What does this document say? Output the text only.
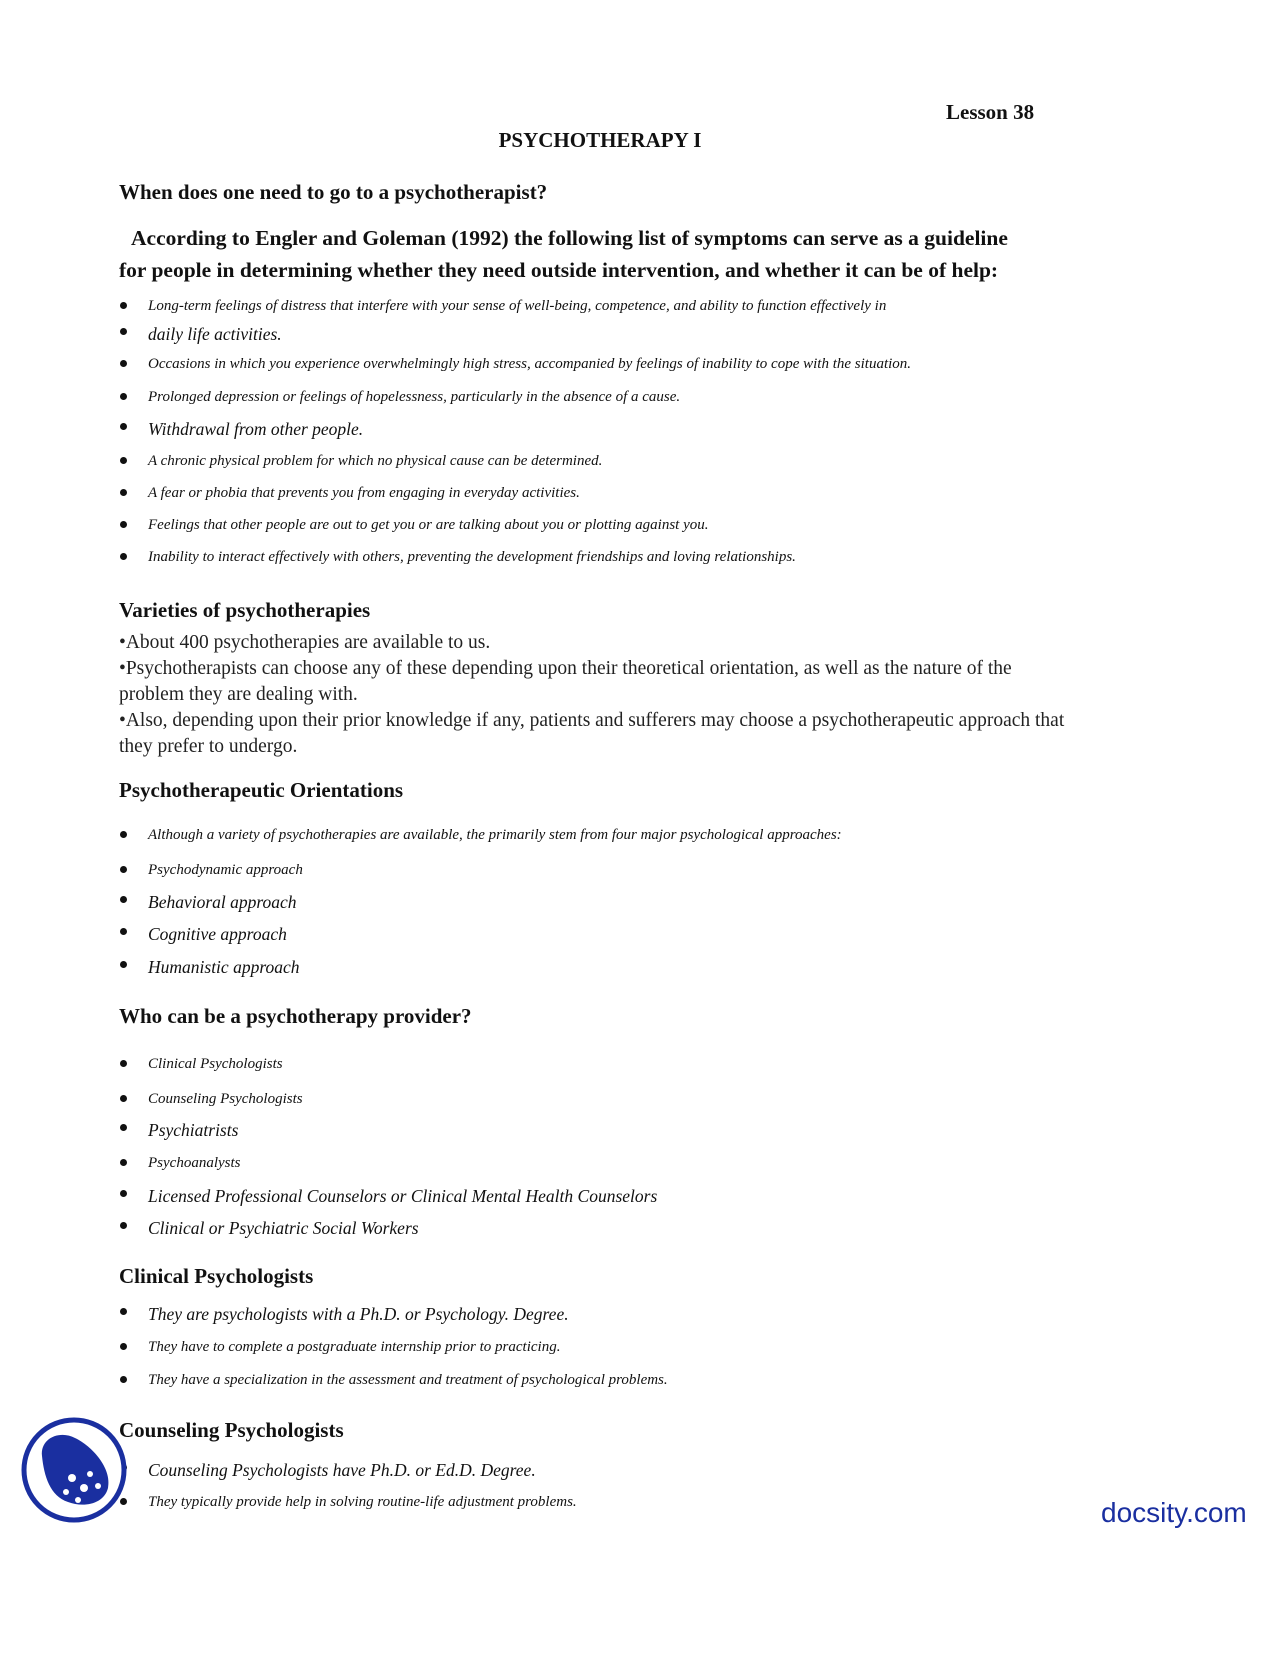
Lesson 38
PSYCHOTHERAPY I
When does one need to go to a psychotherapist?
According to Engler and Goleman (1992) the following list of symptoms can serve as a guideline
for people in determining whether they need outside intervention, and whether it can be of help:
Long-term feelings of distress that interfere with your sense of well-being, competence, and ability to function effectively in
daily life activities.
Occasions in which you experience overwhelmingly high stress, accompanied by feelings of inability to cope with the situation.
Prolonged depression or feelings of hopelessness, particularly in the absence of a cause.
Withdrawal from other people.
A chronic physical problem for which no physical cause can be determined.
A fear or phobia that prevents you from engaging in everyday activities.
Feelings that other people are out to get you or are talking about you or plotting against you.
Inability to interact effectively with others, preventing the development friendships and loving relationships.
Varieties of psychotherapies

•About 400 psychotherapies are available to us.

•Psychotherapists can choose any of these depending upon their theoretical orientation, as well as the nature of the problem they are dealing with.

•Also, depending upon their prior knowledge if any, patients and sufferers may choose a psychotherapeutic approach that they prefer to undergo.

Psychotherapeutic Orientations
Although a variety of psychotherapies are available, the primarily stem from four major psychological approaches:
Psychodynamic approach
Behavioral approach
Cognitive approach
Humanistic approach
Who can be a psychotherapy provider?
Clinical Psychologists
Counseling Psychologists
Psychiatrists
Psychoanalysts
Licensed Professional Counselors or Clinical Mental Health Counselors
Clinical or Psychiatric Social Workers
Clinical Psychologists
They are psychologists with a Ph.D. or Psychology. Degree.
They have to complete a postgraduate internship prior to practicing.
They have a specialization in the assessment and treatment of psychological problems.
Counseling Psychologists
Counseling Psychologists have Ph.D. or Ed.D. Degree.
They typically provide help in solving routine-life adjustment problems.	docsity.com
